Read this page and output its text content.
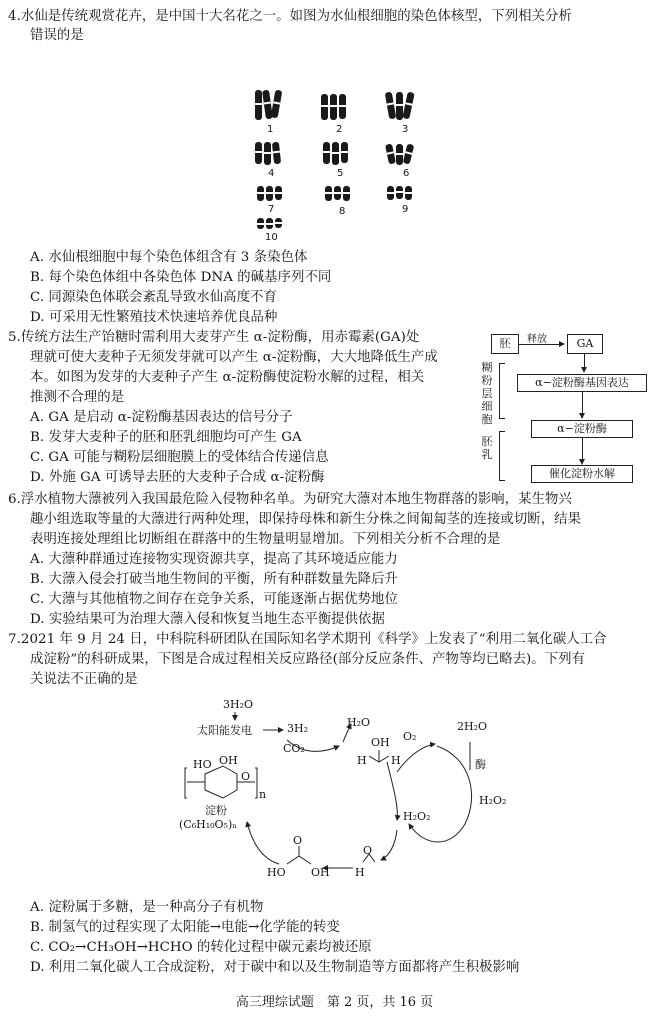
4.水仙是传统观赏花卉，是中国十大名花之一。如图为水仙根细胞的染色体核型，下列相关分析
错误的是
1	2	3
4	5	6
7	8	9
10
A. 水仙根细胞中每个染色体组含有 3 条染色体
B. 每个染色体组中各染色体 DNA 的碱基序列不同
C. 同源染色体联会紊乱导致水仙高度不育
D. 可采用无性繁殖技术快速培养优良品种
5.传统方法生产饴糖时需利用大麦芽产生 α-淀粉酶，用赤霉素(GA)处
理就可使大麦种子无须发芽就可以产生 α-淀粉酶，大大地降低生产成
本。如图为发芽的大麦种子产生 α-淀粉酶使淀粉水解的过程，相关
推测不合理的是
A. GA 是启动 α-淀粉酶基因表达的信号分子
B. 发芽大麦种子的胚和胚乳细胞均可产生 GA
C. GA 可能与糊粉层细胞膜上的受体结合传递信息
D. 外施 GA 可诱导去胚的大麦种子合成 α-淀粉酶
胚	释放	GA
糊粉层细胞
胚乳
α−淀粉酶基因表达
α−淀粉酶
催化淀粉水解
6.浮水植物大薸被列入我国最危险入侵物种名单。为研究大薸对本地生物群落的影响，某生物兴
趣小组选取等量的大薸进行两种处理，即保持母株和新生分株之间匍匐茎的连接或切断，结果
表明连接处理组比切断组在群落中的生物量明显增加。下列相关分析不合理的是
A. 大薸种群通过连接物实现资源共享，提高了其环境适应能力
B. 大薸入侵会打破当地生物间的平衡，所有种群数量先降后升
C. 大薸与其他植物之间存在竞争关系，可能逐渐占据优势地位
D. 实验结果可为治理大薸入侵和恢复当地生态平衡提供依据
7.2021 年 9 月 24 日，中科院科研团队在国际知名学术期刊《科学》上发表了“利用二氧化碳人工合
成淀粉”的科研成果，下图是合成过程相关反应路径(部分反应条件、产物等均已略去)。下列有
关说法不正确的是
3H₂O
太阳能发电	3H₂	H₂O
CO₂	OH
H H
O₂
2H₂O
酶
H₂O₂
H₂O₂
HO OH
O
n
淀粉
(C₆H₁₀O₅)ₙ
HO
O
OH
O
H
A. 淀粉属于多糖，是一种高分子有机物
B. 制氢气的过程实现了太阳能→电能→化学能的转变
C. CO₂→CH₃OH→HCHO 的转化过程中碳元素均被还原
D. 利用二氧化碳人工合成淀粉，对于碳中和以及生物制造等方面都将产生积极影响
高三理综试题　第 2 页，共 16 页
